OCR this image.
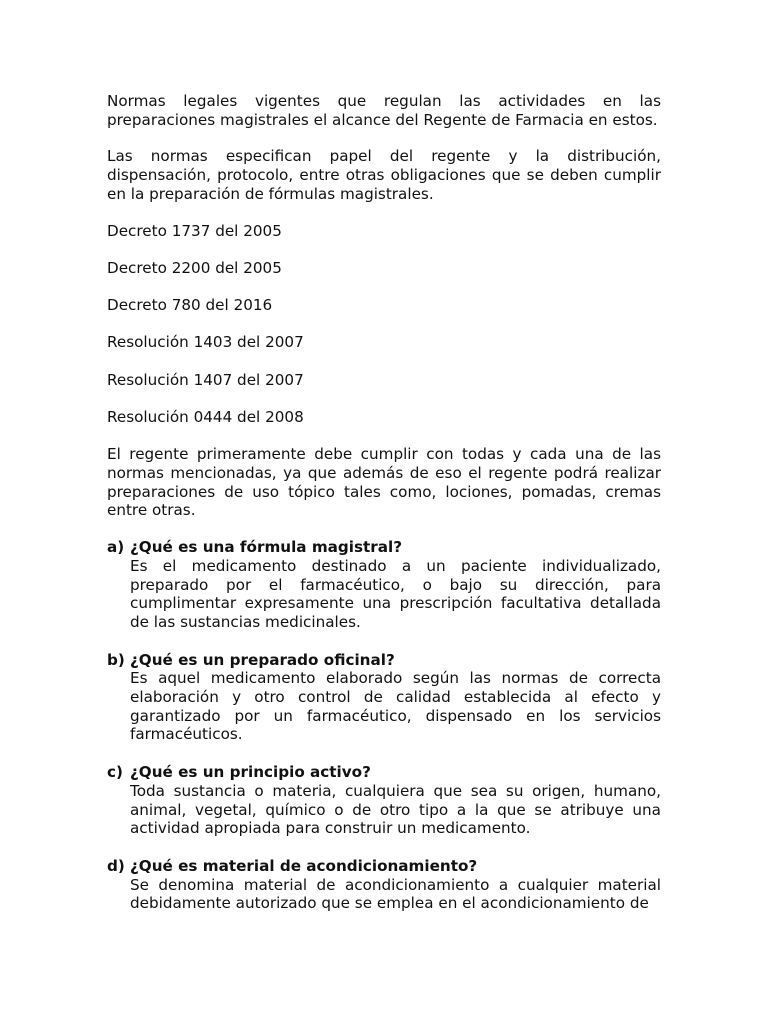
Normas legales vigentes que regulan las actividades en las preparaciones magistrales el alcance del Regente de Farmacia en estos.

Las normas especifican papel del regente y la distribución, dispensación, protocolo, entre otras obligaciones que se deben cumplir en la preparación de fórmulas magistrales.

Decreto 1737 del 2005

Decreto 2200 del 2005

Decreto 780 del 2016

Resolución 1403 del 2007

Resolución 1407 del 2007

Resolución 0444 del 2008

El regente primeramente debe cumplir con todas y cada una de las normas mencionadas, ya que además de eso el regente podrá realizar preparaciones de uso tópico tales como, lociones, pomadas, cremas entre otras.

a) ¿Qué es una fórmula magistral?

Es el medicamento destinado a un paciente individualizado, preparado por el farmacéutico, o bajo su dirección, para cumplimentar expresamente una prescripción facultativa detallada de las sustancias medicinales.

b) ¿Qué es un preparado oficinal?

Es aquel medicamento elaborado según las normas de correcta elaboración y otro control de calidad establecida al efecto y garantizado por un farmacéutico, dispensado en los servicios farmacéuticos.

c) ¿Qué es un principio activo?

Toda sustancia o materia, cualquiera que sea su origen, humano, animal, vegetal, químico o de otro tipo a la que se atribuye una actividad apropiada para construir un medicamento.

d) ¿Qué es material de acondicionamiento?

Se denomina material de acondicionamiento a cualquier material debidamente autorizado que se emplea en el acondicionamiento de
